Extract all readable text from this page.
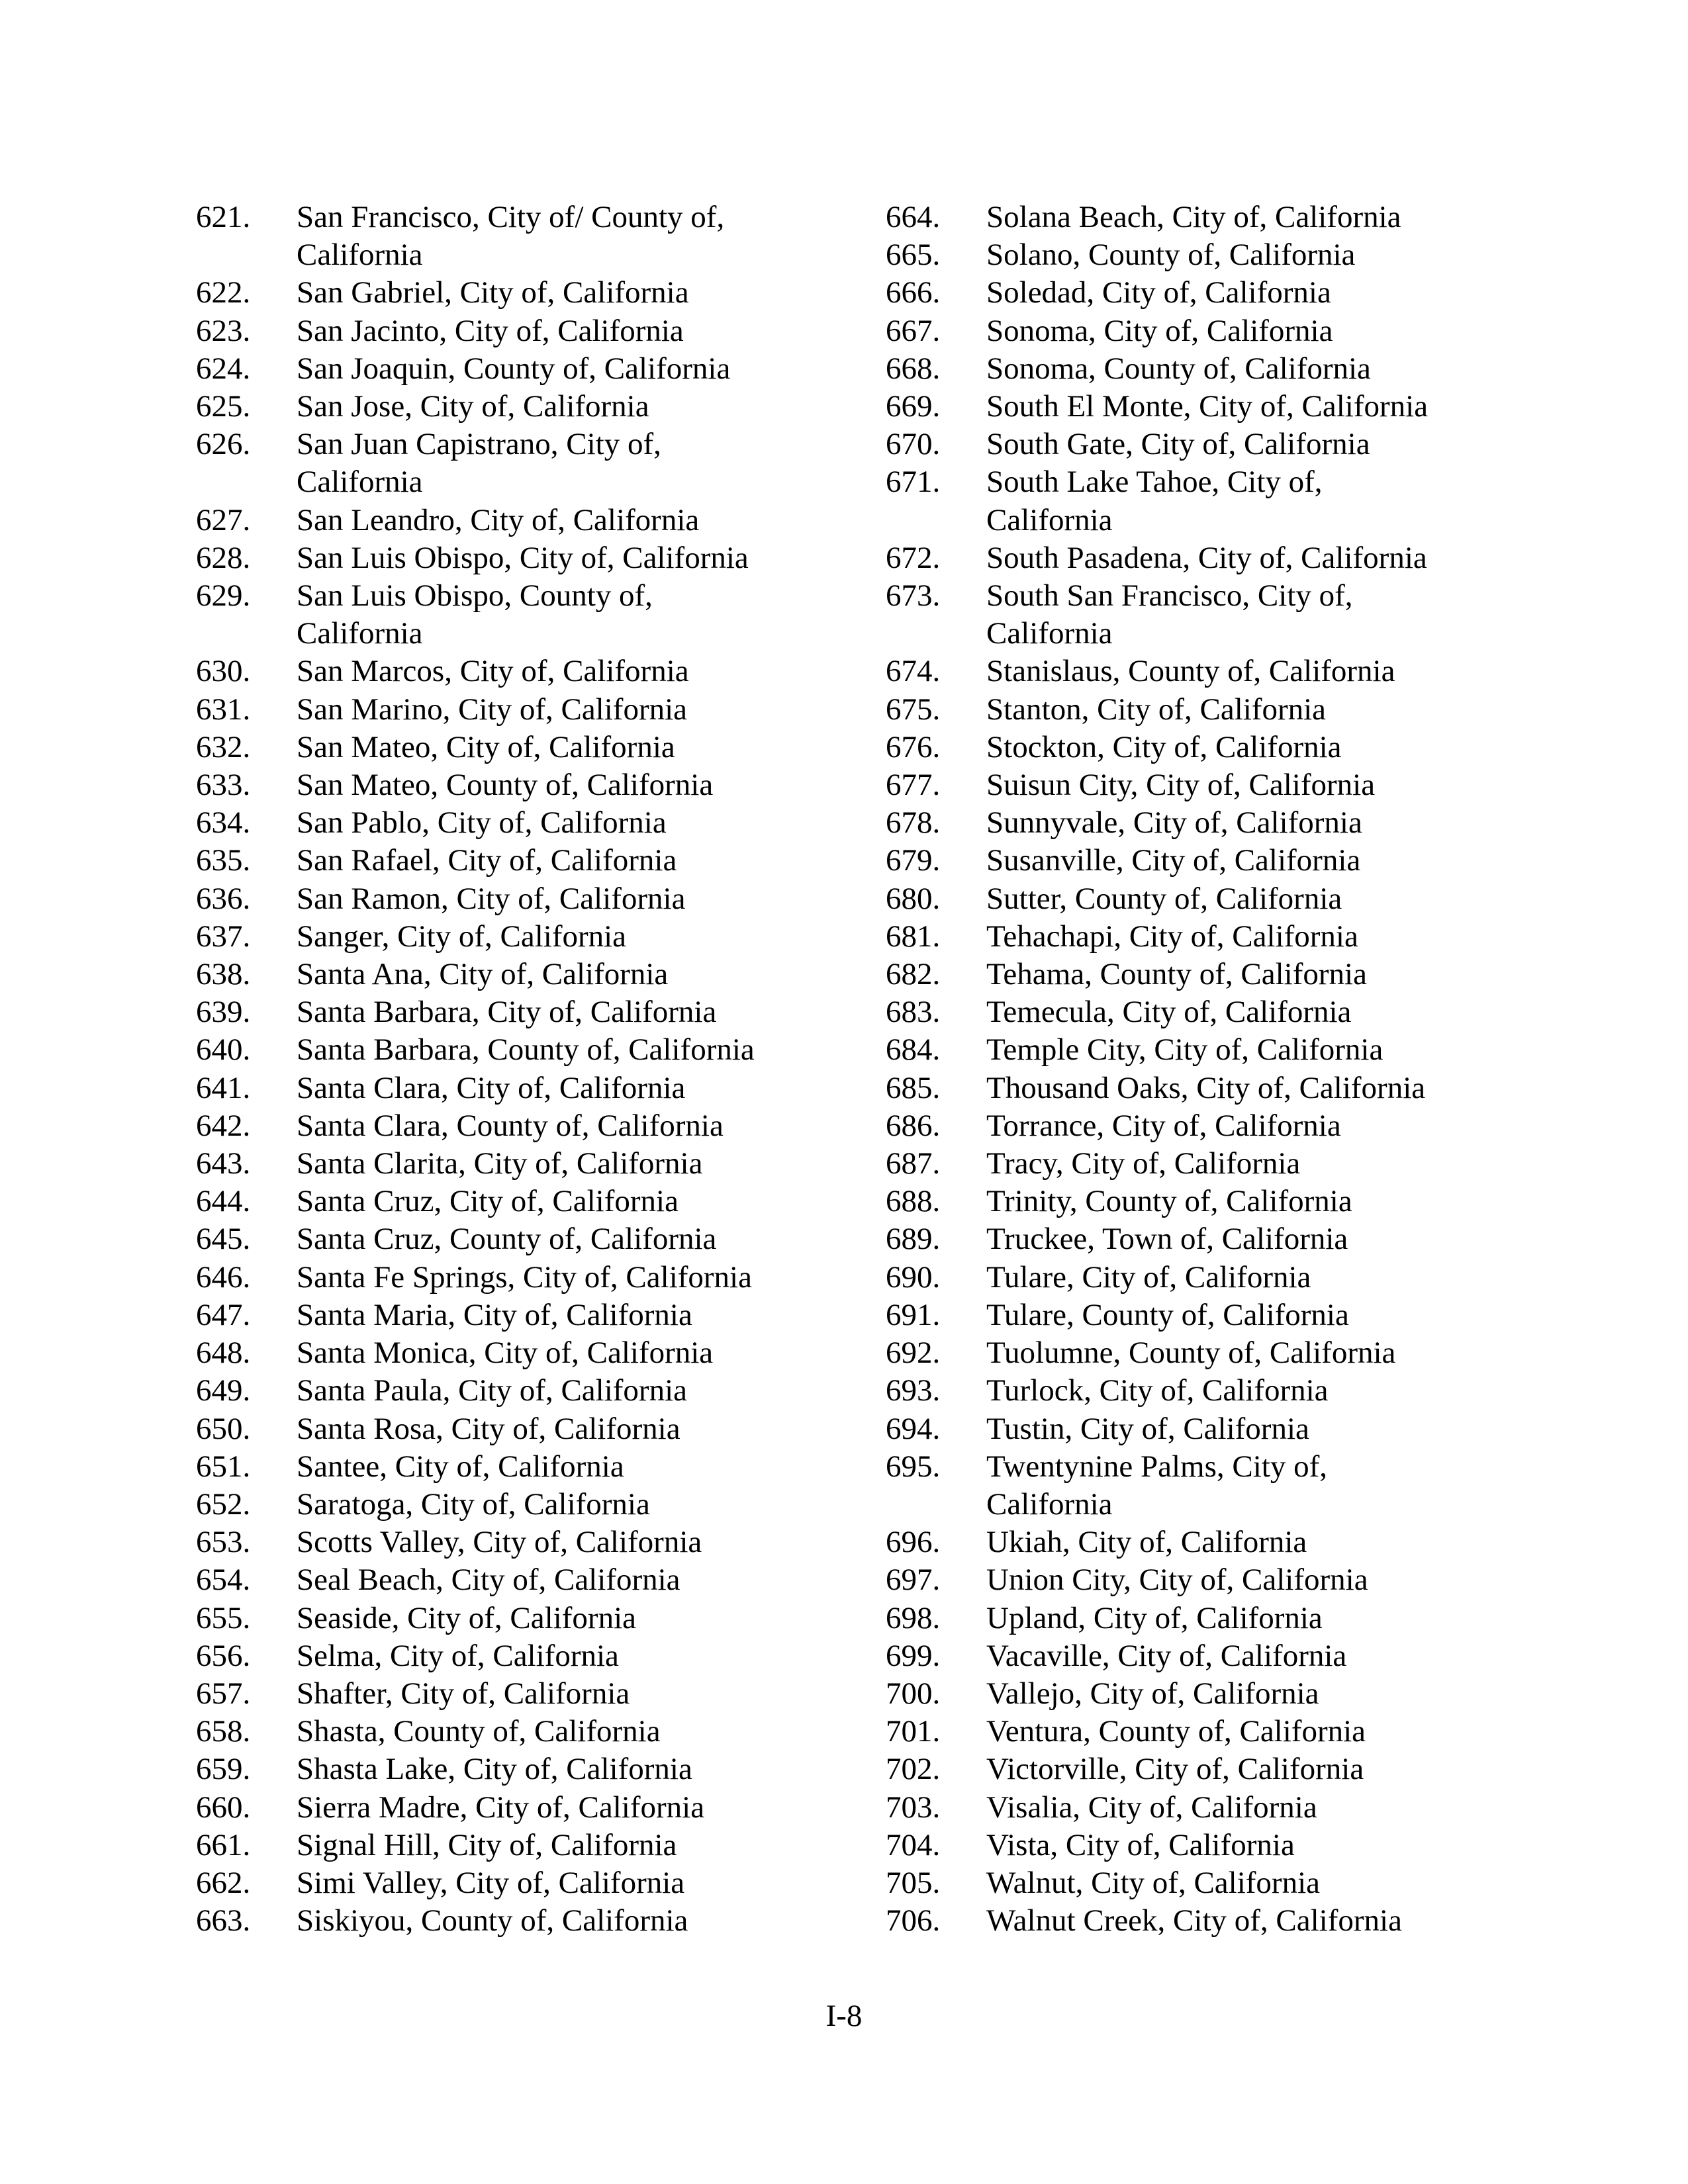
621.	San Francisco, City of/ County of,
California
622.	San Gabriel, City of, California
623.	San Jacinto, City of, California
624.	San Joaquin, County of, California
625.	San Jose, City of, California
626.	San Juan Capistrano, City of,
California
627.	San Leandro, City of, California
628.	San Luis Obispo, City of, California
629.	San Luis Obispo, County of,
California
630.	San Marcos, City of, California
631.	San Marino, City of, California
632.	San Mateo, City of, California
633.	San Mateo, County of, California
634.	San Pablo, City of, California
635.	San Rafael, City of, California
636.	San Ramon, City of, California
637.	Sanger, City of, California
638.	Santa Ana, City of, California
639.	Santa Barbara, City of, California
640.	Santa Barbara, County of, California
641.	Santa Clara, City of, California
642.	Santa Clara, County of, California
643.	Santa Clarita, City of, California
644.	Santa Cruz, City of, California
645.	Santa Cruz, County of, California
646.	Santa Fe Springs, City of, California
647.	Santa Maria, City of, California
648.	Santa Monica, City of, California
649.	Santa Paula, City of, California
650.	Santa Rosa, City of, California
651.	Santee, City of, California
652.	Saratoga, City of, California
653.	Scotts Valley, City of, California
654.	Seal Beach, City of, California
655.	Seaside, City of, California
656.	Selma, City of, California
657.	Shafter, City of, California
658.	Shasta, County of, California
659.	Shasta Lake, City of, California
660.	Sierra Madre, City of, California
661.	Signal Hill, City of, California
662.	Simi Valley, City of, California
663.	Siskiyou, County of, California
664.	Solana Beach, City of, California
665.	Solano, County of, California
666.	Soledad, City of, California
667.	Sonoma, City of, California
668.	Sonoma, County of, California
669.	South El Monte, City of, California
670.	South Gate, City of, California
671.	South Lake Tahoe, City of,
California
672.	South Pasadena, City of, California
673.	South San Francisco, City of,
California
674.	Stanislaus, County of, California
675.	Stanton, City of, California
676.	Stockton, City of, California
677.	Suisun City, City of, California
678.	Sunnyvale, City of, California
679.	Susanville, City of, California
680.	Sutter, County of, California
681.	Tehachapi, City of, California
682.	Tehama, County of, California
683.	Temecula, City of, California
684.	Temple City, City of, California
685.	Thousand Oaks, City of, California
686.	Torrance, City of, California
687.	Tracy, City of, California
688.	Trinity, County of, California
689.	Truckee, Town of, California
690.	Tulare, City of, California
691.	Tulare, County of, California
692.	Tuolumne, County of, California
693.	Turlock, City of, California
694.	Tustin, City of, California
695.	Twentynine Palms, City of,
California
696.	Ukiah, City of, California
697.	Union City, City of, California
698.	Upland, City of, California
699.	Vacaville, City of, California
700.	Vallejo, City of, California
701.	Ventura, County of, California
702.	Victorville, City of, California
703.	Visalia, City of, California
704.	Vista, City of, California
705.	Walnut, City of, California
706.	Walnut Creek, City of, California
I-8
